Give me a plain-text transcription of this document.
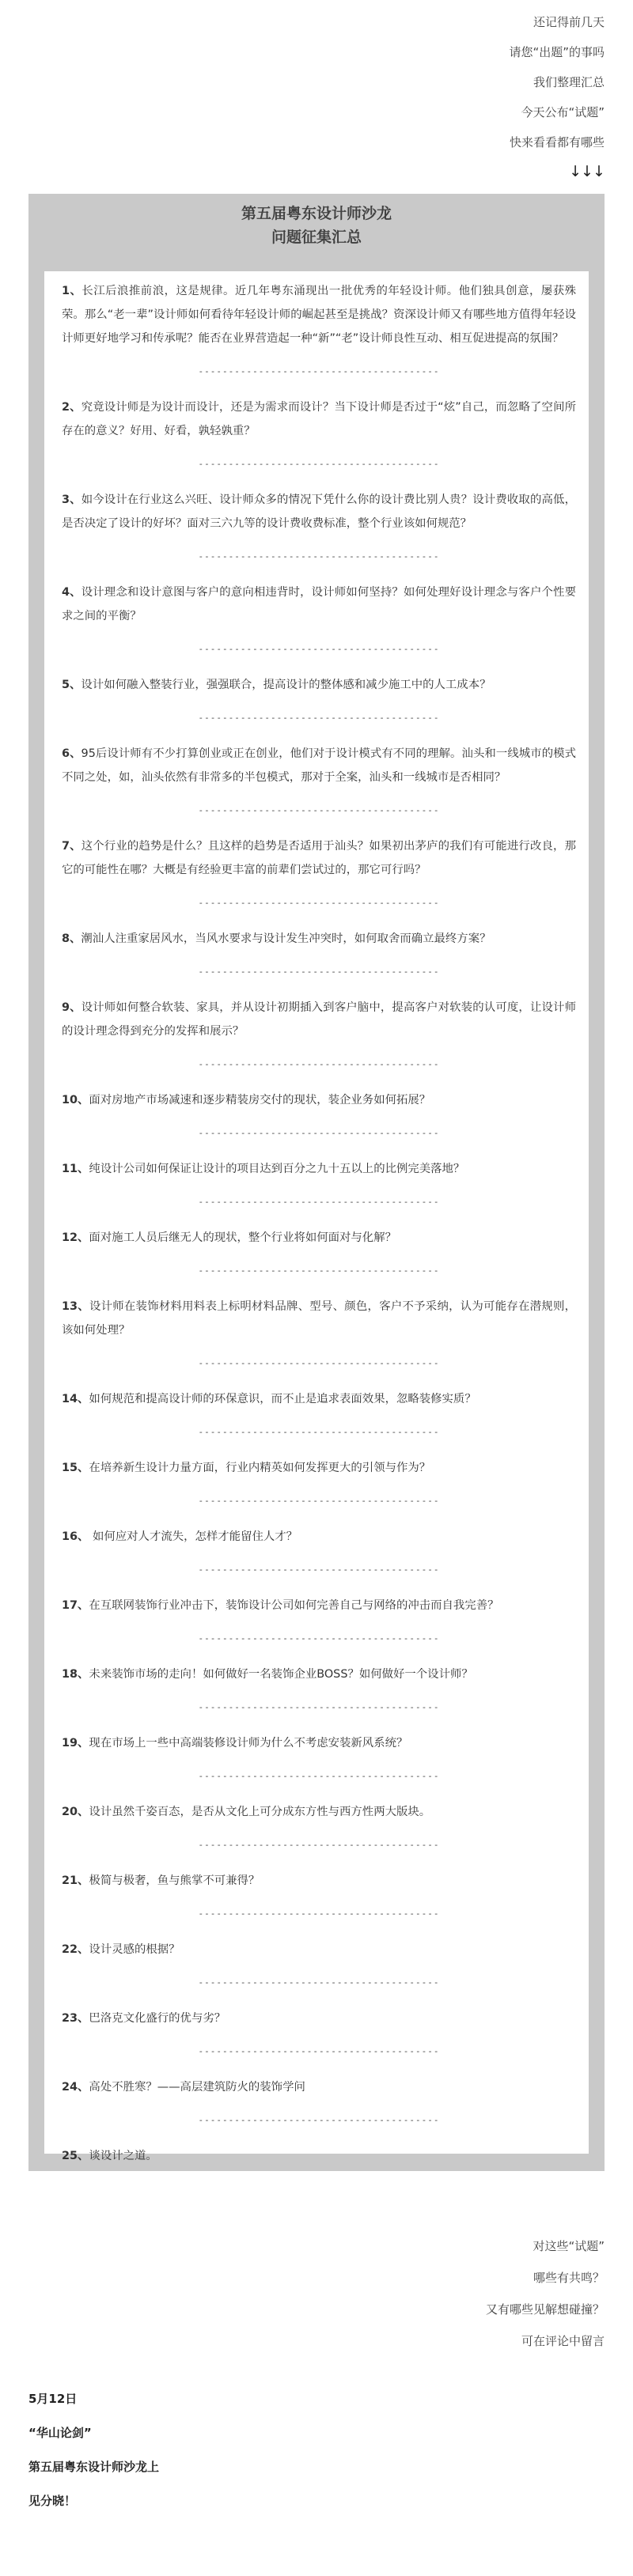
还记得前几天

请您“出题”的事吗

我们整理汇总

今天公布“试题”

快来看看都有哪些

↓↓↓
第五届粤东设计师沙龙
问题征集汇总

1、长江后浪推前浪，这是规律。近几年粤东涌现出一批优秀的年轻设计师。他们独具创意，屡获殊荣。那么“老一辈”设计师如何看待年轻设计师的崛起甚至是挑战？资深设计师又有哪些地方值得年轻设计师更好地学习和传承呢？能否在业界营造起一种“新”“老”设计师良性互动、相互促进提高的氛围？

----------------------------------------

2、究竟设计师是为设计而设计，还是为需求而设计？当下设计师是否过于“炫”自己，而忽略了空间所存在的意义？好用、好看，孰轻孰重？

----------------------------------------

3、如今设计在行业这么兴旺、设计师众多的情况下凭什么你的设计费比别人贵？设计费收取的高低，是否决定了设计的好坏？面对三六九等的设计费收费标准，整个行业该如何规范？

----------------------------------------

4、设计理念和设计意图与客户的意向相违背时，设计师如何坚持？如何处理好设计理念与客户个性要求之间的平衡？

----------------------------------------

5、设计如何融入整装行业，强强联合，提高设计的整体感和减少施工中的人工成本？

----------------------------------------

6、95后设计师有不少打算创业或正在创业，他们对于设计模式有不同的理解。汕头和一线城市的模式不同之处，如，汕头依然有非常多的半包模式，那对于全案，汕头和一线城市是否相同？

----------------------------------------

7、这个行业的趋势是什么？且这样的趋势是否适用于汕头？如果初出茅庐的我们有可能进行改良，那它的可能性在哪？大概是有经验更丰富的前辈们尝试过的，那它可行吗？

----------------------------------------

8、潮汕人注重家居风水，当风水要求与设计发生冲突时，如何取舍而确立最终方案？

----------------------------------------

9、设计师如何整合软装、家具，并从设计初期插入到客户脑中，提高客户对软装的认可度，让设计师的设计理念得到充分的发挥和展示？

----------------------------------------

10、面对房地产市场减速和逐步精装房交付的现状，装企业务如何拓展？

----------------------------------------

11、纯设计公司如何保证让设计的项目达到百分之九十五以上的比例完美落地？

----------------------------------------

12、面对施工人员后继无人的现状，整个行业将如何面对与化解？

----------------------------------------

13、设计师在装饰材料用料表上标明材料品牌、型号、颜色，客户不予采纳，认为可能存在潜规则，该如何处理？

----------------------------------------

14、如何规范和提高设计师的环保意识，而不止是追求表面效果，忽略装修实质？

----------------------------------------

15、在培养新生设计力量方面，行业内精英如何发挥更大的引领与作为？

----------------------------------------

16、 如何应对人才流失，怎样才能留住人才？

----------------------------------------

17、在互联网装饰行业冲击下，装饰设计公司如何完善自己与网络的冲击而自我完善？

----------------------------------------

18、未来装饰市场的走向！如何做好一名装饰企业BOSS？如何做好一个设计师？

----------------------------------------

19、现在市场上一些中高端装修设计师为什么不考虑安装新风系统？

----------------------------------------

20、设计虽然千姿百态，是否从文化上可分成东方性与西方性两大版块。

----------------------------------------

21、极简与极奢，鱼与熊掌不可兼得？

----------------------------------------

22、设计灵感的根据？

----------------------------------------

23、巴洛克文化盛行的优与劣？

----------------------------------------

24、高处不胜寒？——高层建筑防火的装饰学问

----------------------------------------

25、谈设计之道。

对这些“试题”

哪些有共鸣？

又有哪些见解想碰撞？

可在评论中留言

5月12日

“华山论剑”

第五届粤东设计师沙龙上

见分晓！
